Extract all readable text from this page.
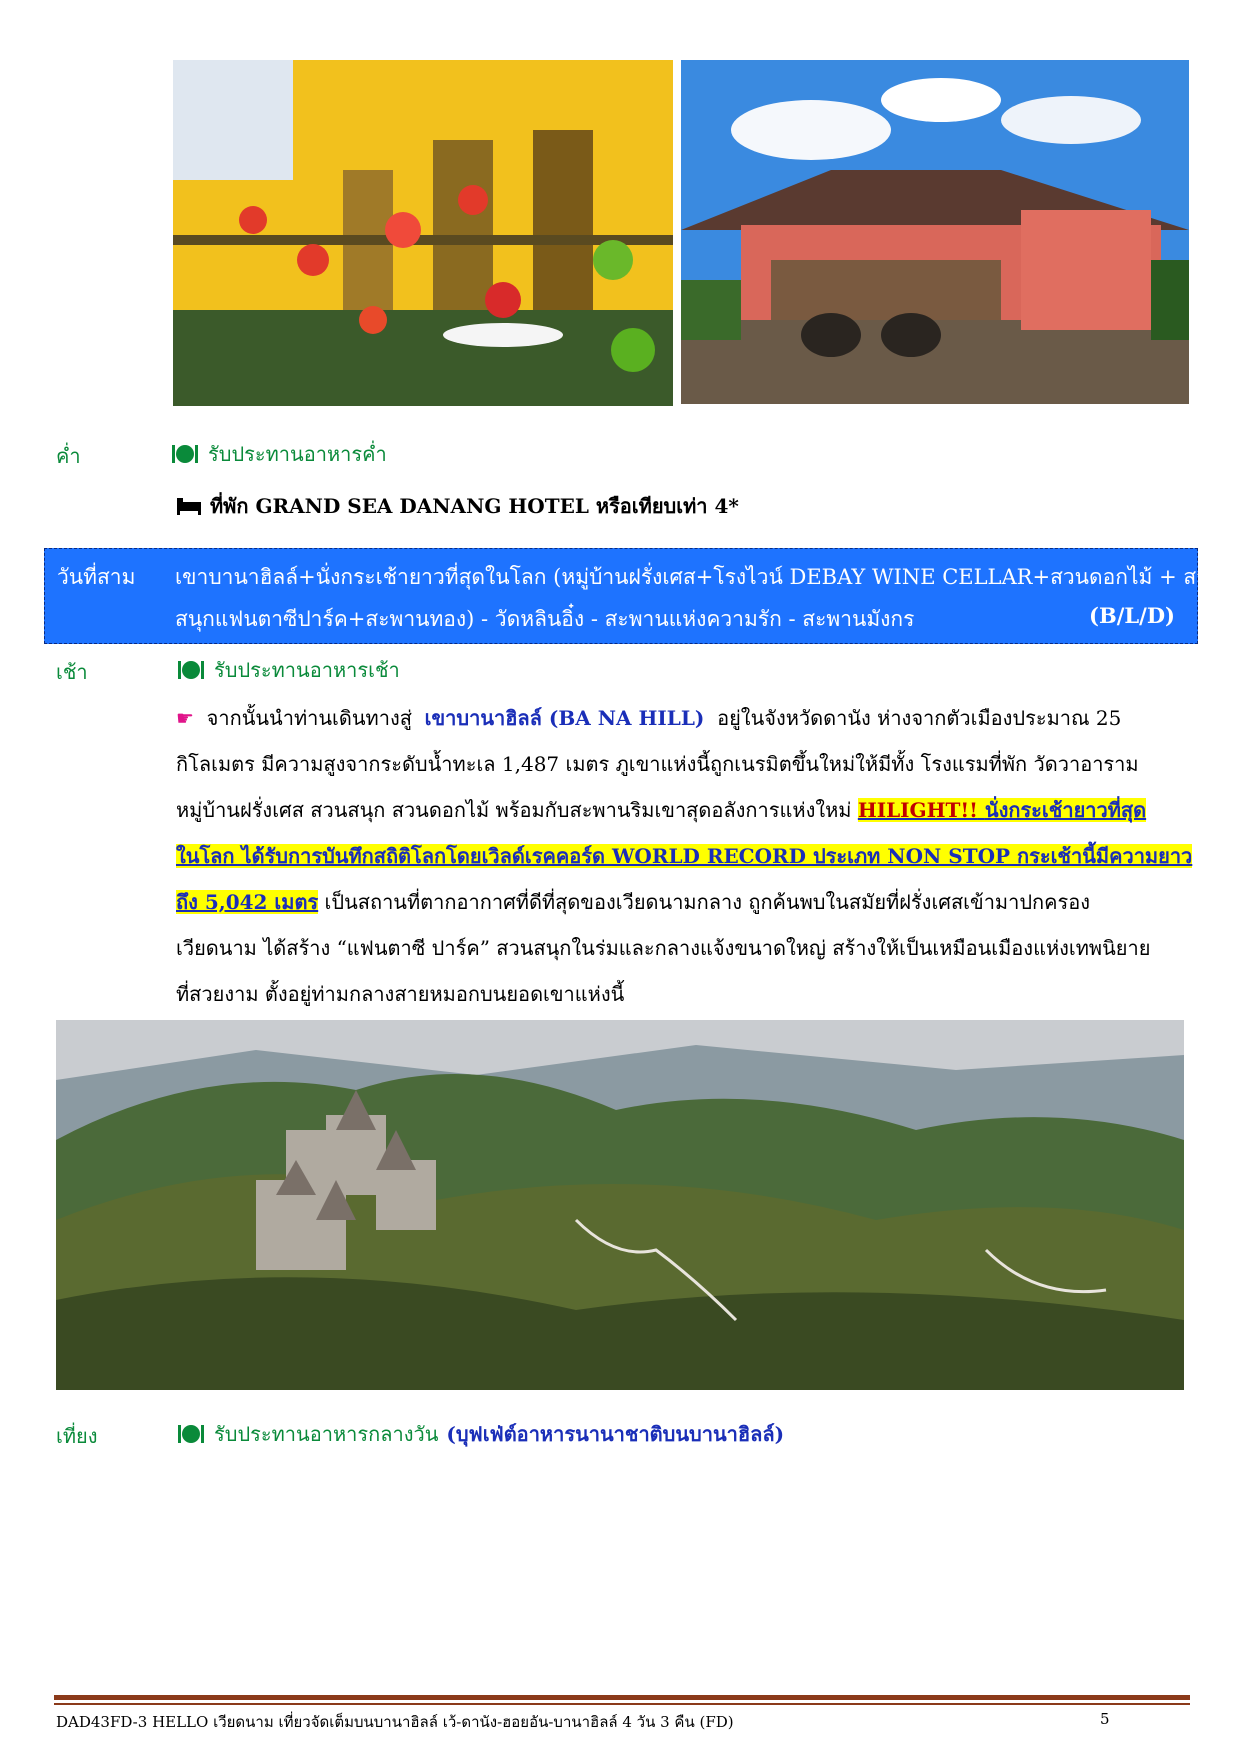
ค่ำ	รับประทานอาหารค่ำ
ที่พัก GRAND SEA DANANG HOTEL หรือเทียบเท่า 4*
วันที่สาม เขาบานาฮิลล์+นั่งกระเช้ายาวที่สุดในโลก (หมู่บ้านฝรั่งเศส+โรงไวน์ DEBAY WINE CELLAR+สวนดอกไม้ + สวน
สนุกแฟนตาซีปาร์ค+สะพานทอง) - วัดหลินอิ๋ง - สะพานแห่งความรัก - สะพานมังกร	(B/L/D)
เช้า	รับประทานอาหารเช้า
☛ จากนั้นนำท่านเดินทางสู่ เขาบานาฮิลล์ (BA NA HILL) อยู่ในจังหวัดดานัง ห่างจากตัวเมืองประมาณ 25
กิโลเมตร มีความสูงจากระดับน้ำทะเล 1,487 เมตร ภูเขาแห่งนี้ถูกเนรมิตขึ้นใหม่ให้มีทั้ง โรงแรมที่พัก วัดวาอาราม
หมู่บ้านฝรั่งเศส สวนสนุก สวนดอกไม้ พร้อมกับสะพานริมเขาสุดอลังการแห่งใหม่ HILIGHT!! นั่งกระเช้ายาวที่สุด
ในโลก ได้รับการบันทึกสถิติโลกโดยเวิลด์เรคคอร์ด WORLD RECORD ประเภท NON STOP กระเช้านี้มีความยาว
ถึง 5,042 เมตร เป็นสถานที่ตากอากาศที่ดีที่สุดของเวียดนามกลาง ถูกค้นพบในสมัยที่ฝรั่งเศสเข้ามาปกครอง
เวียดนาม ได้สร้าง “แฟนตาซี ปาร์ค” สวนสนุกในร่มและกลางแจ้งขนาดใหญ่ สร้างให้เป็นเหมือนเมืองแห่งเทพนิยาย
ที่สวยงาม ตั้งอยู่ท่ามกลางสายหมอกบนยอดเขาแห่งนี้
เที่ยง	รับประทานอาหารกลางวัน (บุฟเฟ่ต์อาหารนานาชาติบนบานาฮิลล์)
DAD43FD-3 HELLO เวียดนาม เที่ยวจัดเต็มบนบานาฮิลล์ เว้-ดานัง-ฮอยอัน-บานาฮิลล์ 4 วัน 3 คืน (FD)	5
